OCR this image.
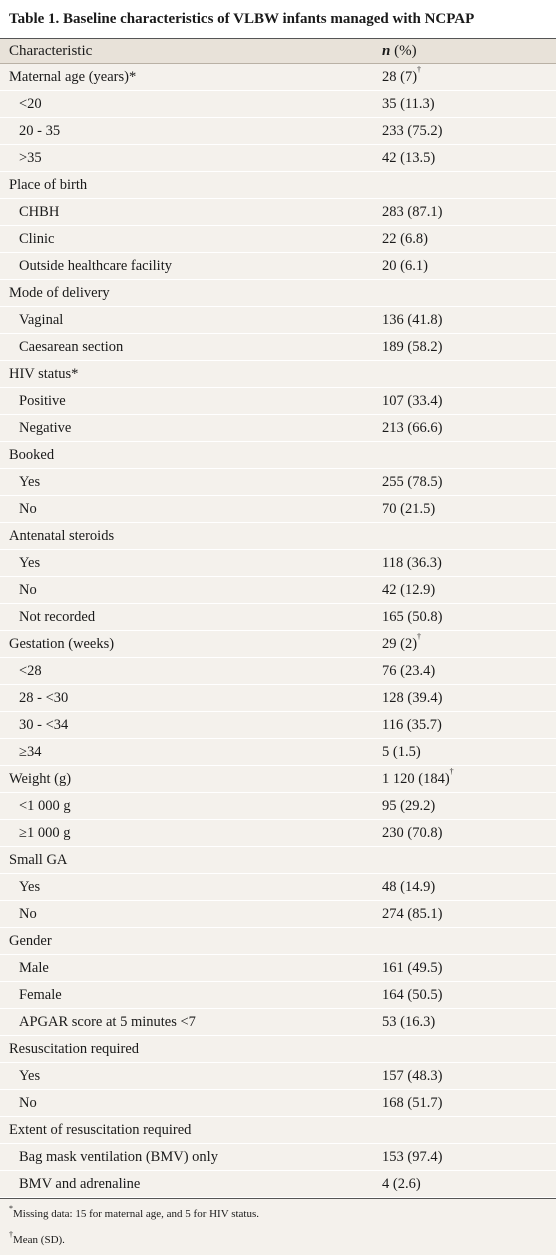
Table 1. Baseline characteristics of VLBW infants managed with NCPAP
Characteristic	n (%)
Maternal age (years)*	28 (7)†
<20	35 (11.3)
20 - 35	233 (75.2)
>35	42 (13.5)
Place of birth
CHBH	283 (87.1)
Clinic	22 (6.8)
Outside healthcare facility	20 (6.1)
Mode of delivery
Vaginal	136 (41.8)
Caesarean section	189 (58.2)
HIV status*
Positive	107 (33.4)
Negative	213 (66.6)
Booked
Yes	255 (78.5)
No	70 (21.5)
Antenatal steroids
Yes	118 (36.3)
No	42 (12.9)
Not recorded	165 (50.8)
Gestation (weeks)	29 (2)†
<28	76 (23.4)
28 - <30	128 (39.4)
30 - <34	116 (35.7)
≥34	5 (1.5)
Weight (g)	1 120 (184)†
<1 000 g	95 (29.2)
≥1 000 g	230 (70.8)
Small GA
Yes	48 (14.9)
No	274 (85.1)
Gender
Male	161 (49.5)
Female	164 (50.5)
APGAR score at 5 minutes <7	53 (16.3)
Resuscitation required
Yes	157 (48.3)
No	168 (51.7)
Extent of resuscitation required
Bag mask ventilation (BMV) only	153 (97.4)
BMV and adrenaline	4 (2.6)
*Missing data: 15 for maternal age, and 5 for HIV status.
†Mean (SD).
